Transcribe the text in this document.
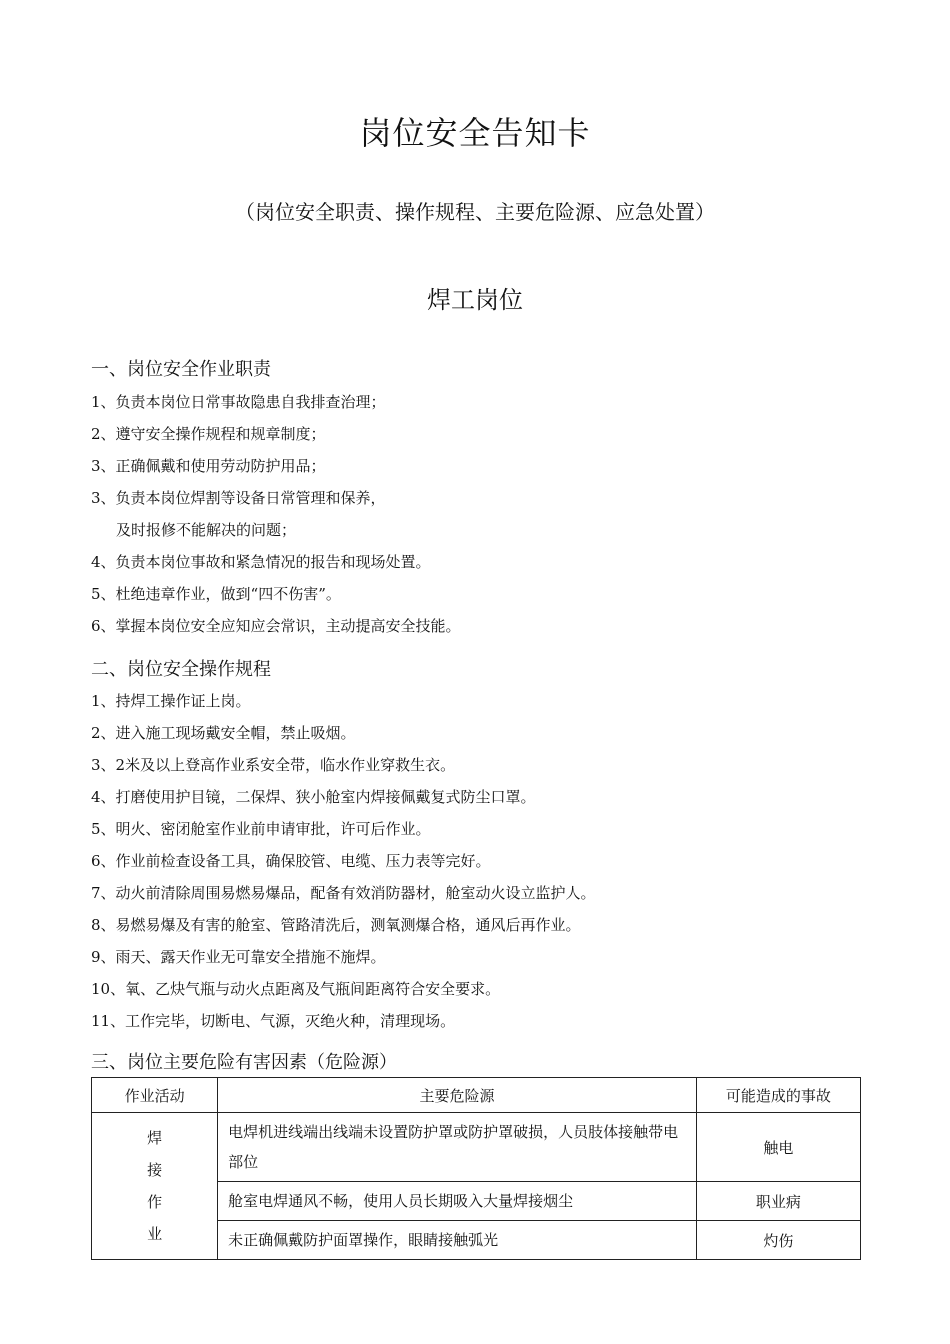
岗位安全告知卡
（岗位安全职责、操作规程、主要危险源、应急处置）
焊工岗位
一、岗位安全作业职责
1、负责本岗位日常事故隐患自我排查治理；
2、遵守安全操作规程和规章制度；
3、正确佩戴和使用劳动防护用品；
3、负责本岗位焊割等设备日常管理和保养，
及时报修不能解决的问题；
4、负责本岗位事故和紧急情况的报告和现场处置。
5、杜绝违章作业，做到“四不伤害”。
6、掌握本岗位安全应知应会常识，主动提高安全技能。
二、岗位安全操作规程
1、持焊工操作证上岗。
2、进入施工现场戴安全帽，禁止吸烟。
3、2米及以上登高作业系安全带，临水作业穿救生衣。
4、打磨使用护目镜，二保焊、狭小舱室内焊接佩戴复式防尘口罩。
5、明火、密闭舱室作业前申请审批，许可后作业。
6、作业前检查设备工具，确保胶管、电缆、压力表等完好。
7、动火前清除周围易燃易爆品，配备有效消防器材，舱室动火设立监护人。
8、易燃易爆及有害的舱室、管路清洗后，测氧测爆合格，通风后再作业。
9、雨天、露天作业无可靠安全措施不施焊。
10、氧、乙炔气瓶与动火点距离及气瓶间距离符合安全要求。
11、工作完毕，切断电、气源，灭绝火种，清理现场。
三、岗位主要危险有害因素（危险源）
作业活动	主要危险源	可能造成的事故

焊
接
作
业	电焊机进线端出线端未设置防护罩或防护罩破损，人员肢体接触带电部位	触电
	舱室电焊通风不畅，使用人员长期吸入大量焊接烟尘	职业病
	未正确佩戴防护面罩操作，眼睛接触弧光	灼伤
